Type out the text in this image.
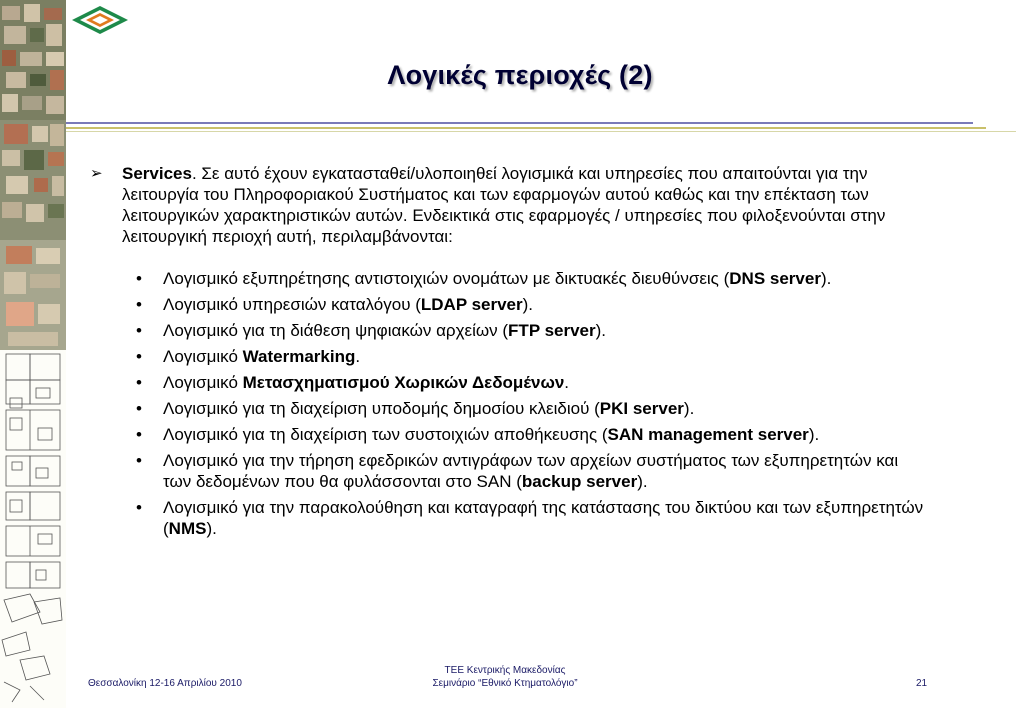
Λογικές περιοχές (2)
➢	Services. Σε αυτό έχουν εγκατασταθεί/υλοποιηθεί λογισμικά και υπηρεσίες που απαιτούνται για την λειτουργία του Πληροφοριακού Συστήματος και των εφαρμογών αυτού καθώς και την επέκταση των λειτουργικών χαρακτηριστικών αυτών. Ενδεικτικά στις εφαρμογές / υπηρεσίες που φιλοξενούνται στην λειτουργική περιοχή αυτή, περιλαμβάνονται:
•	Λογισμικό εξυπηρέτησης αντιστοιχιών ονομάτων με δικτυακές διευθύνσεις (DNS server).
•	Λογισμικό υπηρεσιών καταλόγου (LDAP server).
•	Λογισμικό για τη διάθεση ψηφιακών αρχείων (FTP server).
•	Λογισμικό Watermarking.
•	Λογισμικό Μετασχηματισμού Χωρικών Δεδομένων.
•	Λογισμικό για τη διαχείριση υποδομής δημοσίου κλειδιού (PKI server).
•	Λογισμικό για τη διαχείριση των συστοιχιών αποθήκευσης (SAN management server).
•	Λογισμικό για την τήρηση εφεδρικών αντιγράφων των αρχείων συστήματος των εξυπηρετητών και των δεδομένων που θα φυλάσσονται στο SAN (backup server).
•	Λογισμικό για την παρακολούθηση και καταγραφή της κατάστασης του δικτύου και των εξυπηρετητών (NMS).
Θεσσαλονίκη 12-16 Απριλίου 2010
ΤΕΕ Κεντρικής Μακεδονίας
Σεμινάριο “Εθνικό Κτηματολόγιο”	21
